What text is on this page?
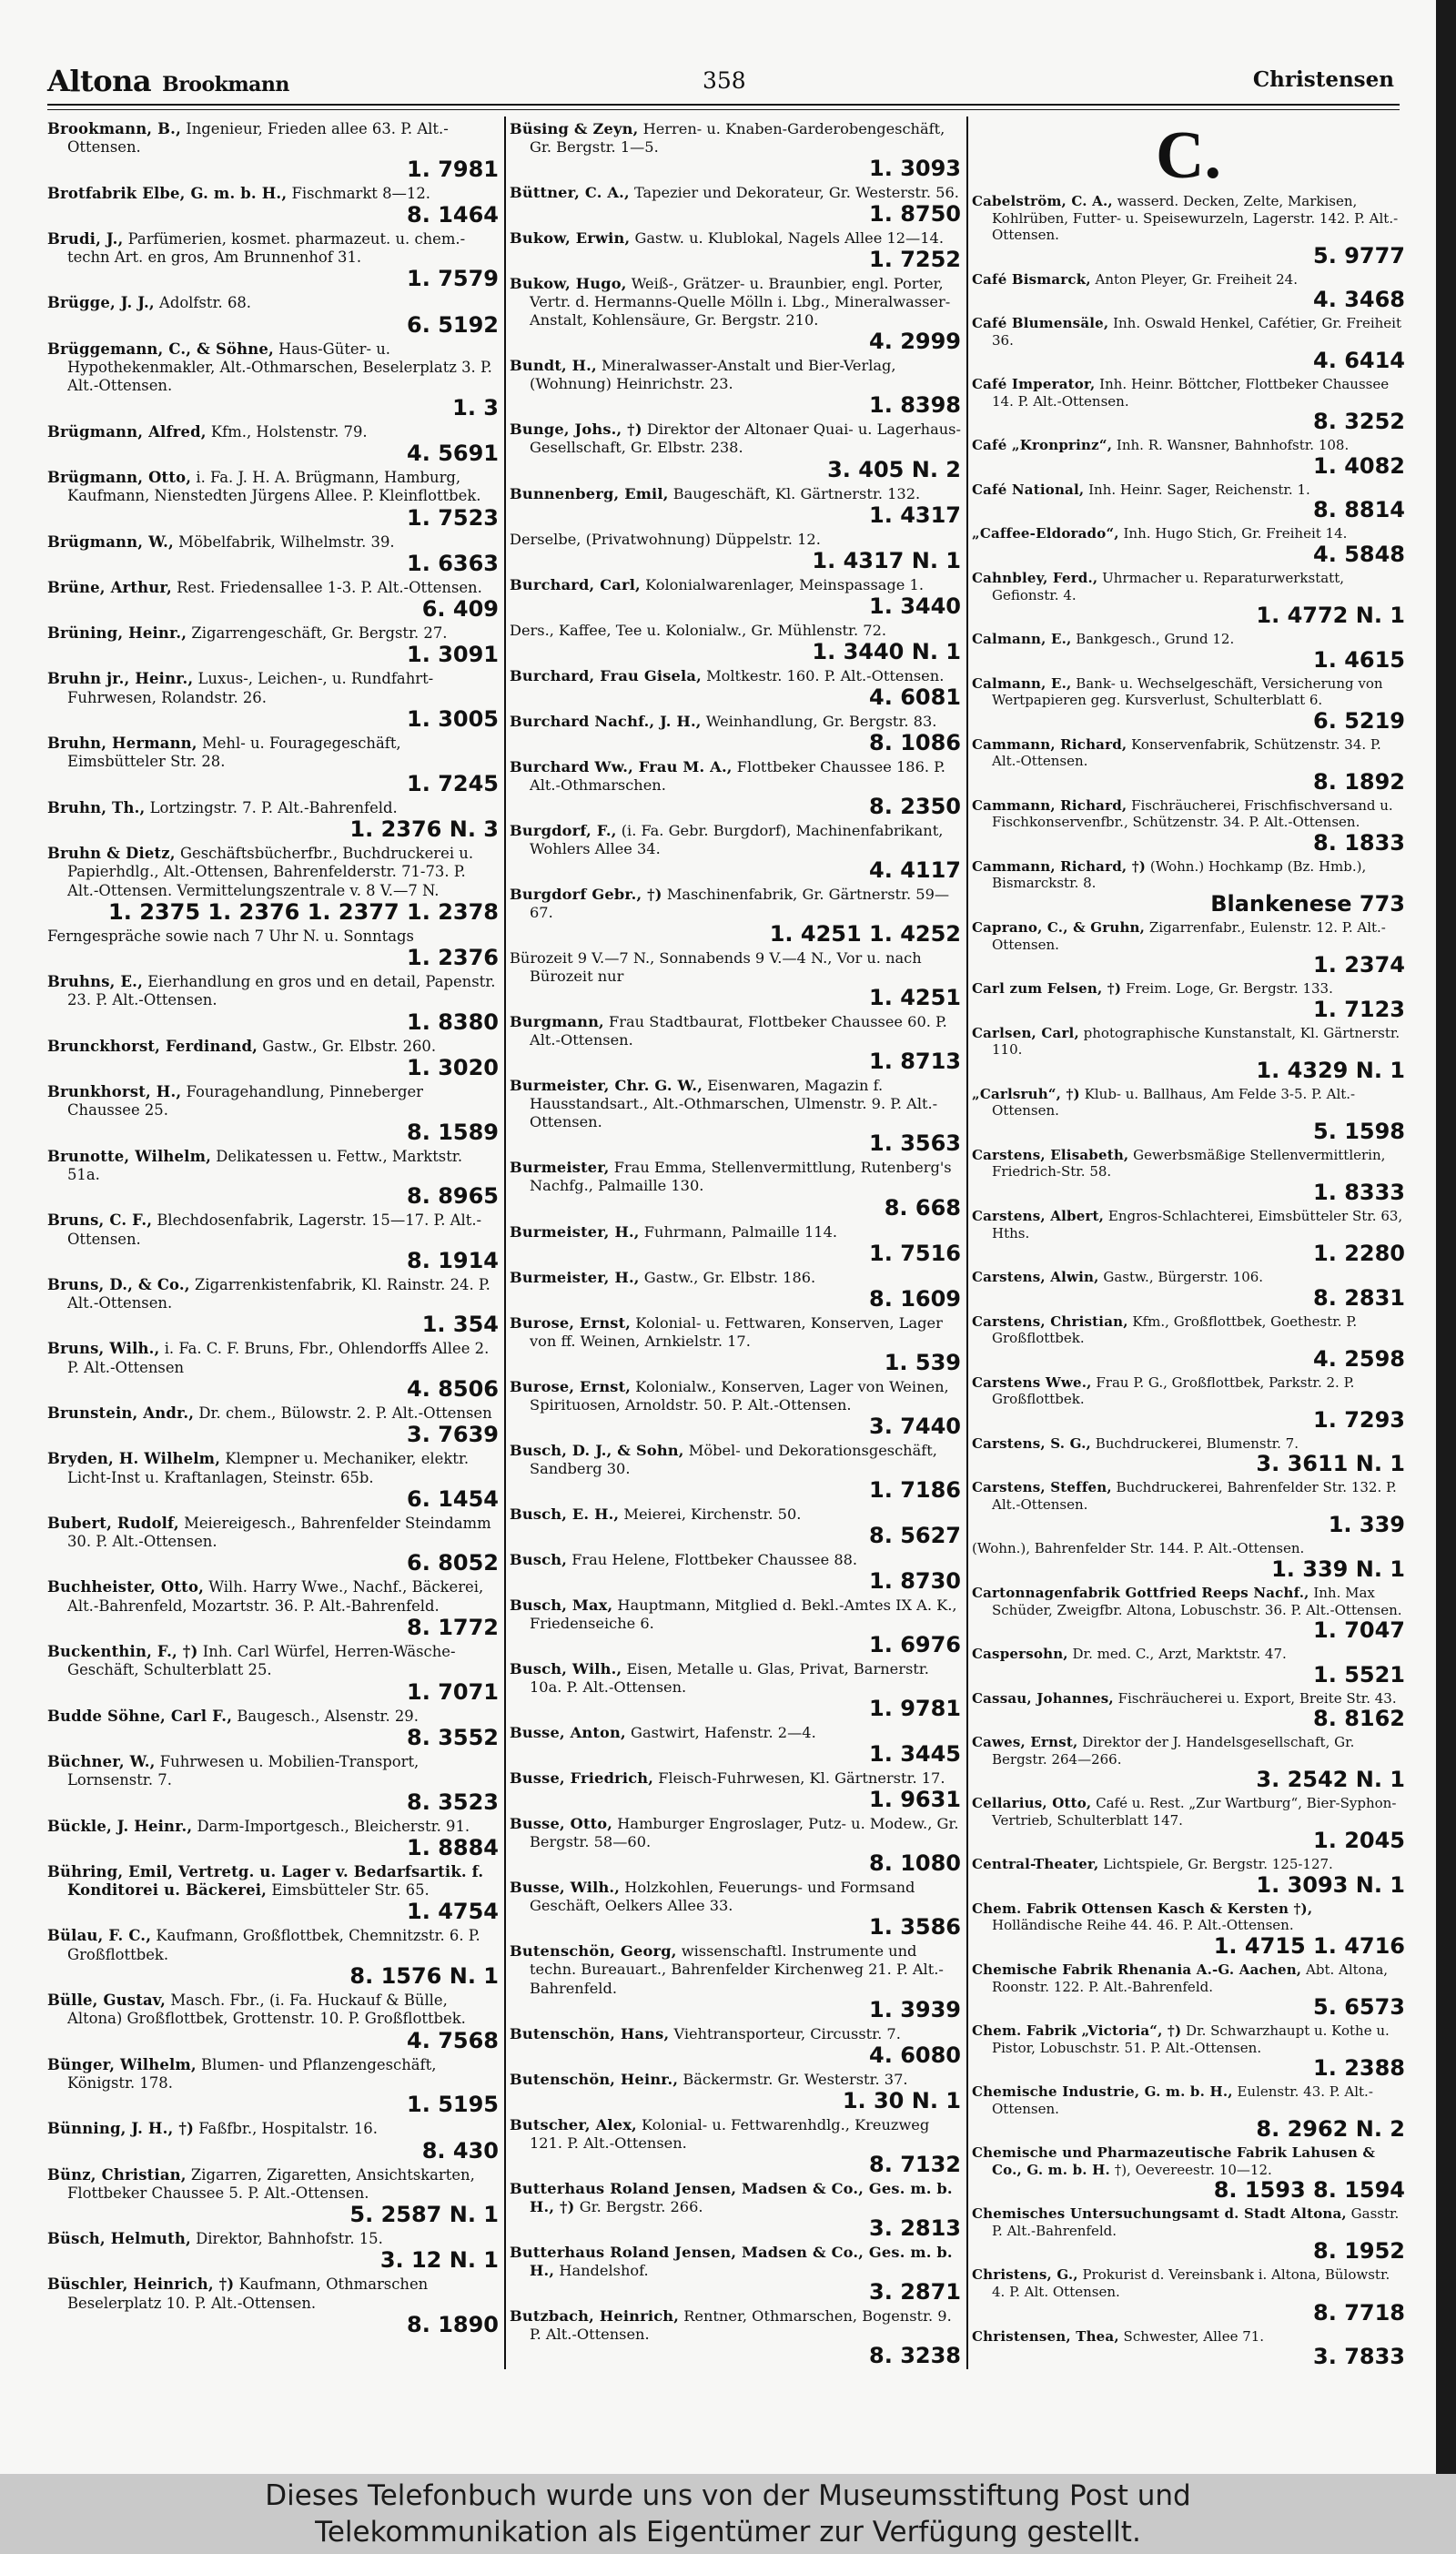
Altona Brookmann	358	Christensen
Brookmann, B., Ingenieur, Frieden allee 63. P. Alt.-Ottensen.
1. 7981
Brotfabrik Elbe, G. m. b. H., Fischmarkt 8—12.
8. 1464
Brudi, J., Parfümerien, kosmet. pharmazeut. u. chem.-techn Art. en gros, Am Brunnenhof 31.
1. 7579
Brügge, J. J., Adolfstr. 68.
6. 5192
Brüggemann, C., & Söhne, Haus-Güter- u. Hypothekenmakler, Alt.-Othmarschen, Beselerplatz 3. P. Alt.-Ottensen.
1. 3
Brügmann, Alfred, Kfm., Holstenstr. 79.
4. 5691
Brügmann, Otto, i. Fa. J. H. A. Brügmann, Hamburg, Kaufmann, Nienstedten Jürgens Allee. P. Kleinflottbek.
1. 7523
Brügmann, W., Möbelfabrik, Wilhelmstr. 39.
1. 6363
Brüne, Arthur, Rest. Friedensallee 1-3. P. Alt.-Ottensen.
6. 409
Brüning, Heinr., Zigarrengeschäft, Gr. Bergstr. 27.
1. 3091
Bruhn jr., Heinr., Luxus-, Leichen-, u. Rundfahrt-Fuhrwesen, Rolandstr. 26.
1. 3005
Bruhn, Hermann, Mehl- u. Fouragegeschäft, Eimsbütteler Str. 28.
1. 7245
Bruhn, Th., Lortzingstr. 7. P. Alt.-Bahrenfeld.
1. 2376 N. 3
Bruhn & Dietz, Geschäftsbücherfbr., Buchdruckerei u. Papierhdlg., Alt.-Ottensen, Bahrenfelderstr. 71-73. P. Alt.-Ottensen. Vermittelungszentrale v. 8 V.—7 N.
1. 2375 1. 2376 1. 2377 1. 2378
Ferngespräche sowie nach 7 Uhr N. u. Sonntags
1. 2376
Bruhns, E., Eierhandlung en gros und en detail, Papenstr. 23. P. Alt.-Ottensen.
1. 8380
Brunckhorst, Ferdinand, Gastw., Gr. Elbstr. 260.
1. 3020
Brunkhorst, H., Fouragehandlung, Pinneberger Chaussee 25.
8. 1589
Brunotte, Wilhelm, Delikatessen u. Fettw., Marktstr. 51a.
8. 8965
Bruns, C. F., Blechdosenfabrik, Lagerstr. 15—17. P. Alt.-Ottensen.
8. 1914
Bruns, D., & Co., Zigarrenkistenfabrik, Kl. Rainstr. 24. P. Alt.-Ottensen.
1. 354
Bruns, Wilh., i. Fa. C. F. Bruns, Fbr., Ohlendorffs Allee 2. P. Alt.-Ottensen
4. 8506
Brunstein, Andr., Dr. chem., Bülowstr. 2. P. Alt.-Ottensen
3. 7639
Bryden, H. Wilhelm, Klempner u. Mechaniker, elektr. Licht-Inst u. Kraftanlagen, Steinstr. 65b.
6. 1454
Bubert, Rudolf, Meiereigesch., Bahrenfelder Steindamm 30. P. Alt.-Ottensen.
6. 8052
Buchheister, Otto, Wilh. Harry Wwe., Nachf., Bäckerei, Alt.-Bahrenfeld, Mozartstr. 36. P. Alt.-Bahrenfeld.
8. 1772
Buckenthin, F., †) Inh. Carl Würfel, Herren-Wäsche-Geschäft, Schulterblatt 25.
1. 7071
Budde Söhne, Carl F., Baugesch., Alsenstr. 29.
8. 3552
Büchner, W., Fuhrwesen u. Mobilien-Transport, Lornsenstr. 7.
8. 3523
Bückle, J. Heinr., Darm-Importgesch., Bleicherstr. 91.
1. 8884
Bühring, Emil, Vertretg. u. Lager v. Bedarfsartik. f. Konditorei u. Bäckerei, Eimsbütteler Str. 65.
1. 4754
Bülau, F. C., Kaufmann, Großflottbek, Chemnitzstr. 6. P. Großflottbek.
8. 1576 N. 1
Bülle, Gustav, Masch. Fbr., (i. Fa. Huckauf & Bülle, Altona) Großflottbek, Grottenstr. 10. P. Großflottbek.
4. 7568
Bünger, Wilhelm, Blumen- und Pflanzengeschäft, Königstr. 178.
1. 5195
Bünning, J. H., †) Faßfbr., Hospitalstr. 16.
8. 430
Bünz, Christian, Zigarren, Zigaretten, Ansichtskarten, Flottbeker Chaussee 5. P. Alt.-Ottensen.
5. 2587 N. 1
Büsch, Helmuth, Direktor, Bahnhofstr. 15.
3. 12 N. 1
Büschler, Heinrich, †) Kaufmann, Othmarschen Beselerplatz 10. P. Alt.-Ottensen.
8. 1890
Büsing & Zeyn, Herren- u. Knaben-Garderobengeschäft, Gr. Bergstr. 1—5.
1. 3093
Büttner, C. A., Tapezier und Dekorateur, Gr. Westerstr. 56.
1. 8750
Bukow, Erwin, Gastw. u. Klublokal, Nagels Allee 12—14.
1. 7252
Bukow, Hugo, Weiß-, Grätzer- u. Braunbier, engl. Porter, Vertr. d. Hermanns-Quelle Mölln i. Lbg., Mineralwasser-Anstalt, Kohlensäure, Gr. Bergstr. 210.
4. 2999
Bundt, H., Mineralwasser-Anstalt und Bier-Verlag, (Wohnung) Heinrichstr. 23.
1. 8398
Bunge, Johs., †) Direktor der Altonaer Quai- u. Lagerhaus-Gesellschaft, Gr. Elbstr. 238.
3. 405 N. 2
Bunnenberg, Emil, Baugeschäft, Kl. Gärtnerstr. 132.
1. 4317
Derselbe, (Privatwohnung) Düppelstr. 12.
1. 4317 N. 1
Burchard, Carl, Kolonialwarenlager, Meinspassage 1.
1. 3440
Ders., Kaffee, Tee u. Kolonialw., Gr. Mühlenstr. 72.
1. 3440 N. 1
Burchard, Frau Gisela, Moltkestr. 160. P. Alt.-Ottensen.
4. 6081
Burchard Nachf., J. H., Weinhandlung, Gr. Bergstr. 83.
8. 1086
Burchard Ww., Frau M. A., Flottbeker Chaussee 186. P. Alt.-Othmarschen.
8. 2350
Burgdorf, F., (i. Fa. Gebr. Burgdorf), Machinenfabrikant, Wohlers Allee 34.
4. 4117
Burgdorf Gebr., †) Maschinenfabrik, Gr. Gärtnerstr. 59—67.
1. 4251 1. 4252
Bürozeit 9 V.—7 N., Sonnabends 9 V.—4 N., Vor u. nach Bürozeit nur
1. 4251
Burgmann, Frau Stadtbaurat, Flottbeker Chaussee 60. P. Alt.-Ottensen.
1. 8713
Burmeister, Chr. G. W., Eisenwaren, Magazin f. Hausstandsart., Alt.-Othmarschen, Ulmenstr. 9. P. Alt.-Ottensen.
1. 3563
Burmeister, Frau Emma, Stellenvermittlung, Rutenberg's Nachfg., Palmaille 130.
8. 668
Burmeister, H., Fuhrmann, Palmaille 114.
1. 7516
Burmeister, H., Gastw., Gr. Elbstr. 186.
8. 1609
Burose, Ernst, Kolonial- u. Fettwaren, Konserven, Lager von ff. Weinen, Arnkielstr. 17.
1. 539
Burose, Ernst, Kolonialw., Konserven, Lager von Weinen, Spirituosen, Arnoldstr. 50. P. Alt.-Ottensen.
3. 7440
Busch, D. J., & Sohn, Möbel- und Dekorationsgeschäft, Sandberg 30.
1. 7186
Busch, E. H., Meierei, Kirchenstr. 50.
8. 5627
Busch, Frau Helene, Flottbeker Chaussee 88.
1. 8730
Busch, Max, Hauptmann, Mitglied d. Bekl.-Amtes IX A. K., Friedenseiche 6.
1. 6976
Busch, Wilh., Eisen, Metalle u. Glas, Privat, Barnerstr. 10a. P. Alt.-Ottensen.
1. 9781
Busse, Anton, Gastwirt, Hafenstr. 2—4.
1. 3445
Busse, Friedrich, Fleisch-Fuhrwesen, Kl. Gärtnerstr. 17.
1. 9631
Busse, Otto, Hamburger Engroslager, Putz- u. Modew., Gr. Bergstr. 58—60.
8. 1080
Busse, Wilh., Holzkohlen, Feuerungs- und Formsand Geschäft, Oelkers Allee 33.
1. 3586
Butenschön, Georg, wissenschaftl. Instrumente und techn. Bureauart., Bahrenfelder Kirchenweg 21. P. Alt.-Bahrenfeld.
1. 3939
Butenschön, Hans, Viehtransporteur, Circusstr. 7.
4. 6080
Butenschön, Heinr., Bäckermstr. Gr. Westerstr. 37.
1. 30 N. 1
Butscher, Alex, Kolonial- u. Fettwarenhdlg., Kreuzweg 121. P. Alt.-Ottensen.
8. 7132
Butterhaus Roland Jensen, Madsen & Co., Ges. m. b. H., †) Gr. Bergstr. 266.
3. 2813
Butterhaus Roland Jensen, Madsen & Co., Ges. m. b. H., Handelshof.
3. 2871
Butzbach, Heinrich, Rentner, Othmarschen, Bogenstr. 9. P. Alt.-Ottensen.
8. 3238
C.
Cabelström, C. A., wasserd. Decken, Zelte, Markisen, Kohlrüben, Futter- u. Speisewurzeln, Lagerstr. 142. P. Alt.-Ottensen.
5. 9777
Café Bismarck, Anton Pleyer, Gr. Freiheit 24.
4. 3468
Café Blumensäle, Inh. Oswald Henkel, Cafétier, Gr. Freiheit 36.
4. 6414
Café Imperator, Inh. Heinr. Böttcher, Flottbeker Chaussee 14. P. Alt.-Ottensen.
8. 3252
Café „Kronprinz“, Inh. R. Wansner, Bahnhofstr. 108.
1. 4082
Café National, Inh. Heinr. Sager, Reichenstr. 1.
8. 8814
„Caffee-Eldorado“, Inh. Hugo Stich, Gr. Freiheit 14.
4. 5848
Cahnbley, Ferd., Uhrmacher u. Reparaturwerkstatt, Gefionstr. 4.
1. 4772 N. 1
Calmann, E., Bankgesch., Grund 12.
1. 4615
Calmann, E., Bank- u. Wechselgeschäft, Versicherung von Wertpapieren geg. Kursverlust, Schulterblatt 6.
6. 5219
Cammann, Richard, Konservenfabrik, Schützenstr. 34. P. Alt.-Ottensen.
8. 1892
Cammann, Richard, Fischräucherei, Frischfischversand u. Fischkonservenfbr., Schützenstr. 34. P. Alt.-Ottensen.
8. 1833
Cammann, Richard, †) (Wohn.) Hochkamp (Bz. Hmb.), Bismarckstr. 8.
Blankenese 773
Caprano, C., & Gruhn, Zigarrenfabr., Eulenstr. 12. P. Alt.-Ottensen.
1. 2374
Carl zum Felsen, †) Freim. Loge, Gr. Bergstr. 133.
1. 7123
Carlsen, Carl, photographische Kunstanstalt, Kl. Gärtnerstr. 110.
1. 4329 N. 1
„Carlsruh“, †) Klub- u. Ballhaus, Am Felde 3-5. P. Alt.-Ottensen.
5. 1598
Carstens, Elisabeth, Gewerbsmäßige Stellenvermittlerin, Friedrich-Str. 58.
1. 8333
Carstens, Albert, Engros-Schlachterei, Eimsbütteler Str. 63, Hths.
1. 2280
Carstens, Alwin, Gastw., Bürgerstr. 106.
8. 2831
Carstens, Christian, Kfm., Großflottbek, Goethestr. P. Großflottbek.
4. 2598
Carstens Wwe., Frau P. G., Großflottbek, Parkstr. 2. P. Großflottbek.
1. 7293
Carstens, S. G., Buchdruckerei, Blumenstr. 7.
3. 3611 N. 1
Carstens, Steffen, Buchdruckerei, Bahrenfelder Str. 132. P. Alt.-Ottensen.
1. 339
(Wohn.), Bahrenfelder Str. 144. P. Alt.-Ottensen.
1. 339 N. 1
Cartonnagenfabrik Gottfried Reeps Nachf., Inh. Max Schüder, Zweigfbr. Altona, Lobuschstr. 36. P. Alt.-Ottensen.
1. 7047
Caspersohn, Dr. med. C., Arzt, Marktstr. 47.
1. 5521
Cassau, Johannes, Fischräucherei u. Export, Breite Str. 43.
8. 8162
Cawes, Ernst, Direktor der J. Handelsgesellschaft, Gr. Bergstr. 264—266.
3. 2542 N. 1
Cellarius, Otto, Café u. Rest. „Zur Wartburg“, Bier-Syphon-Vertrieb, Schulterblatt 147.
1. 2045
Central-Theater, Lichtspiele, Gr. Bergstr. 125-127.
1. 3093 N. 1
Chem. Fabrik Ottensen Kasch & Kersten †), Holländische Reihe 44. 46. P. Alt.-Ottensen.
1. 4715 1. 4716
Chemische Fabrik Rhenania A.-G. Aachen, Abt. Altona, Roonstr. 122. P. Alt.-Bahrenfeld.
5. 6573
Chem. Fabrik „Victoria“, †) Dr. Schwarzhaupt u. Kothe u. Pistor, Lobuschstr. 51. P. Alt.-Ottensen.
1. 2388
Chemische Industrie, G. m. b. H., Eulenstr. 43. P. Alt.-Ottensen.
8. 2962 N. 2
Chemische und Pharmazeutische Fabrik Lahusen & Co., G. m. b. H. †), Oevereestr. 10—12.
8. 1593 8. 1594
Chemisches Untersuchungsamt d. Stadt Altona, Gasstr. P. Alt.-Bahrenfeld.
8. 1952
Christens, G., Prokurist d. Vereinsbank i. Altona, Bülowstr. 4. P. Alt. Ottensen.
8. 7718
Christensen, Thea, Schwester, Allee 71.
3. 7833

Dieses Telefonbuch wurde uns von der Museumsstiftung Post und

Telekommunikation als Eigentümer zur Verfügung gestellt.
